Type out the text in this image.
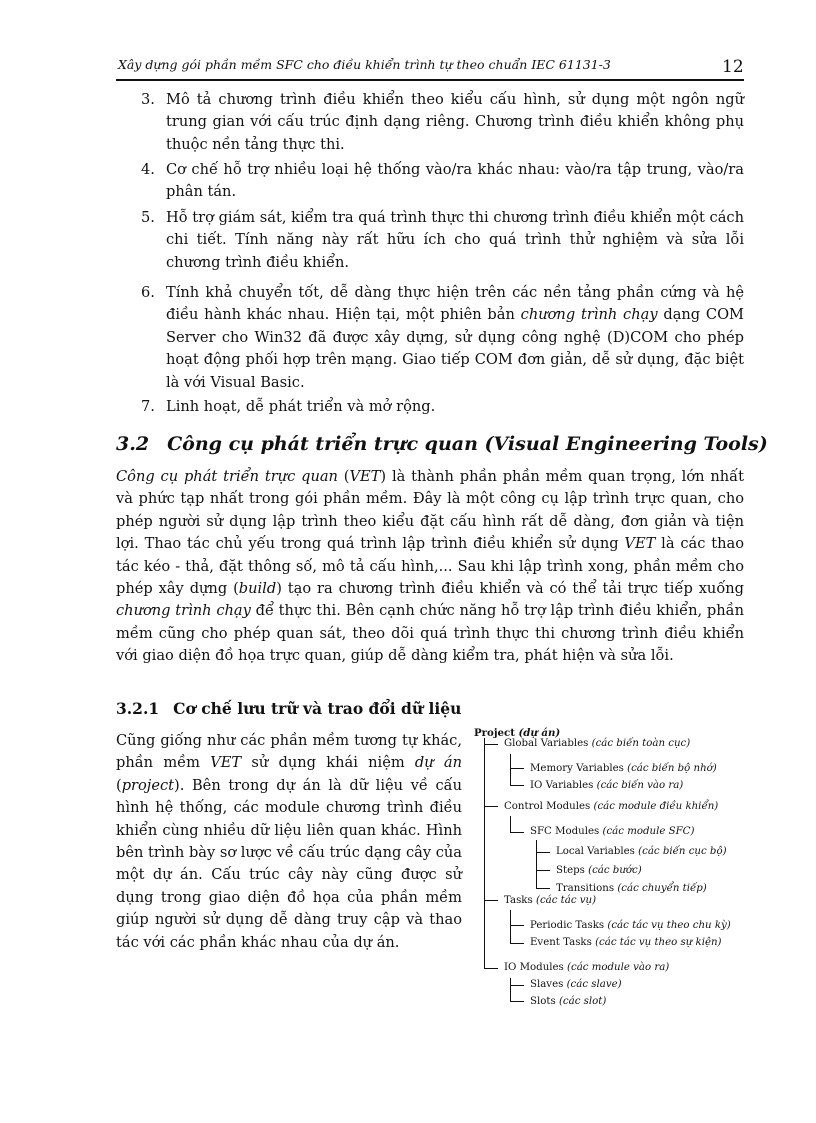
Xây dựng gói phần mềm SFC cho điều khiển trình tự theo chuẩn IEC 61131-3	12
3. Mô tả chương trình điều khiển theo kiểu cấu hình, sử dụng một ngôn ngữ trung gian với cấu trúc định dạng riêng. Chương trình điều khiển không phụ thuộc nền tảng thực thi.
4. Cơ chế hỗ trợ nhiều loại hệ thống vào/ra khác nhau: vào/ra tập trung, vào/ra phân tán.
5. Hỗ trợ giám sát, kiểm tra quá trình thực thi chương trình điều khiển một cách chi tiết. Tính năng này rất hữu ích cho quá trình thử nghiệm và sửa lỗi chương trình điều khiển.
6. Tính khả chuyển tốt, dễ dàng thực hiện trên các nền tảng phần cứng và hệ điều hành khác nhau. Hiện tại, một phiên bản chương trình chạy dạng COM Server cho Win32 đã được xây dựng, sử dụng công nghệ (D)COM cho phép hoạt động phối hợp trên mạng. Giao tiếp COM đơn giản, dễ sử dụng, đặc biệt là với Visual Basic.
7. Linh hoạt, dễ phát triển và mở rộng.
3.2 Công cụ phát triển trực quan (Visual Engineering Tools)
Công cụ phát triển trực quan (VET) là thành phần phần mềm quan trọng, lớn nhất và phức tạp nhất trong gói phần mềm. Đây là một công cụ lập trình trực quan, cho phép người sử dụng lập trình theo kiểu đặt cấu hình rất dễ dàng, đơn giản và tiện lợi. Thao tác chủ yếu trong quá trình lập trình điều khiển sử dụng VET là các thao tác kéo - thả, đặt thông số, mô tả cấu hình,... Sau khi lập trình xong, phần mềm cho phép xây dựng (build) tạo ra chương trình điều khiển và có thể tải trực tiếp xuống chương trình chạy để thực thi. Bên cạnh chức năng hỗ trợ lập trình điều khiển, phần mềm cũng cho phép quan sát, theo dõi quá trình thực thi chương trình điều khiển với giao diện đồ họa trực quan, giúp dễ dàng kiểm tra, phát hiện và sửa lỗi.
3.2.1 Cơ chế lưu trữ và trao đổi dữ liệu
Cũng giống như các phần mềm tương tự khác, phần mềm VET sử dụng khái niệm dự án (project). Bên trong dự án là dữ liệu về cấu hình hệ thống, các module chương trình điều khiển cùng nhiều dữ liệu liên quan khác. Hình bên trình bày sơ lược về cấu trúc dạng cây của một dự án. Cấu trúc cây này cũng được sử dụng trong giao diện đồ họa của phần mềm giúp người sử dụng dễ dàng truy cập và thao tác với các phần khác nhau của dự án.
Project (dự án)
Global Variables (các biến toàn cục)
Memory Variables (các biến bộ nhớ)
IO Variables (các biến vào ra)
Control Modules (các module điều khiển)
SFC Modules (các module SFC)
Local Variables (các biến cục bộ)
Steps (các bước)
Transitions (các chuyển tiếp)
Tasks (các tác vụ)
Periodic Tasks (các tác vụ theo chu kỳ)
Event Tasks (các tác vụ theo sự kiện)
IO Modules (các module vào ra)
Slaves (các slave)
Slots (các slot)
